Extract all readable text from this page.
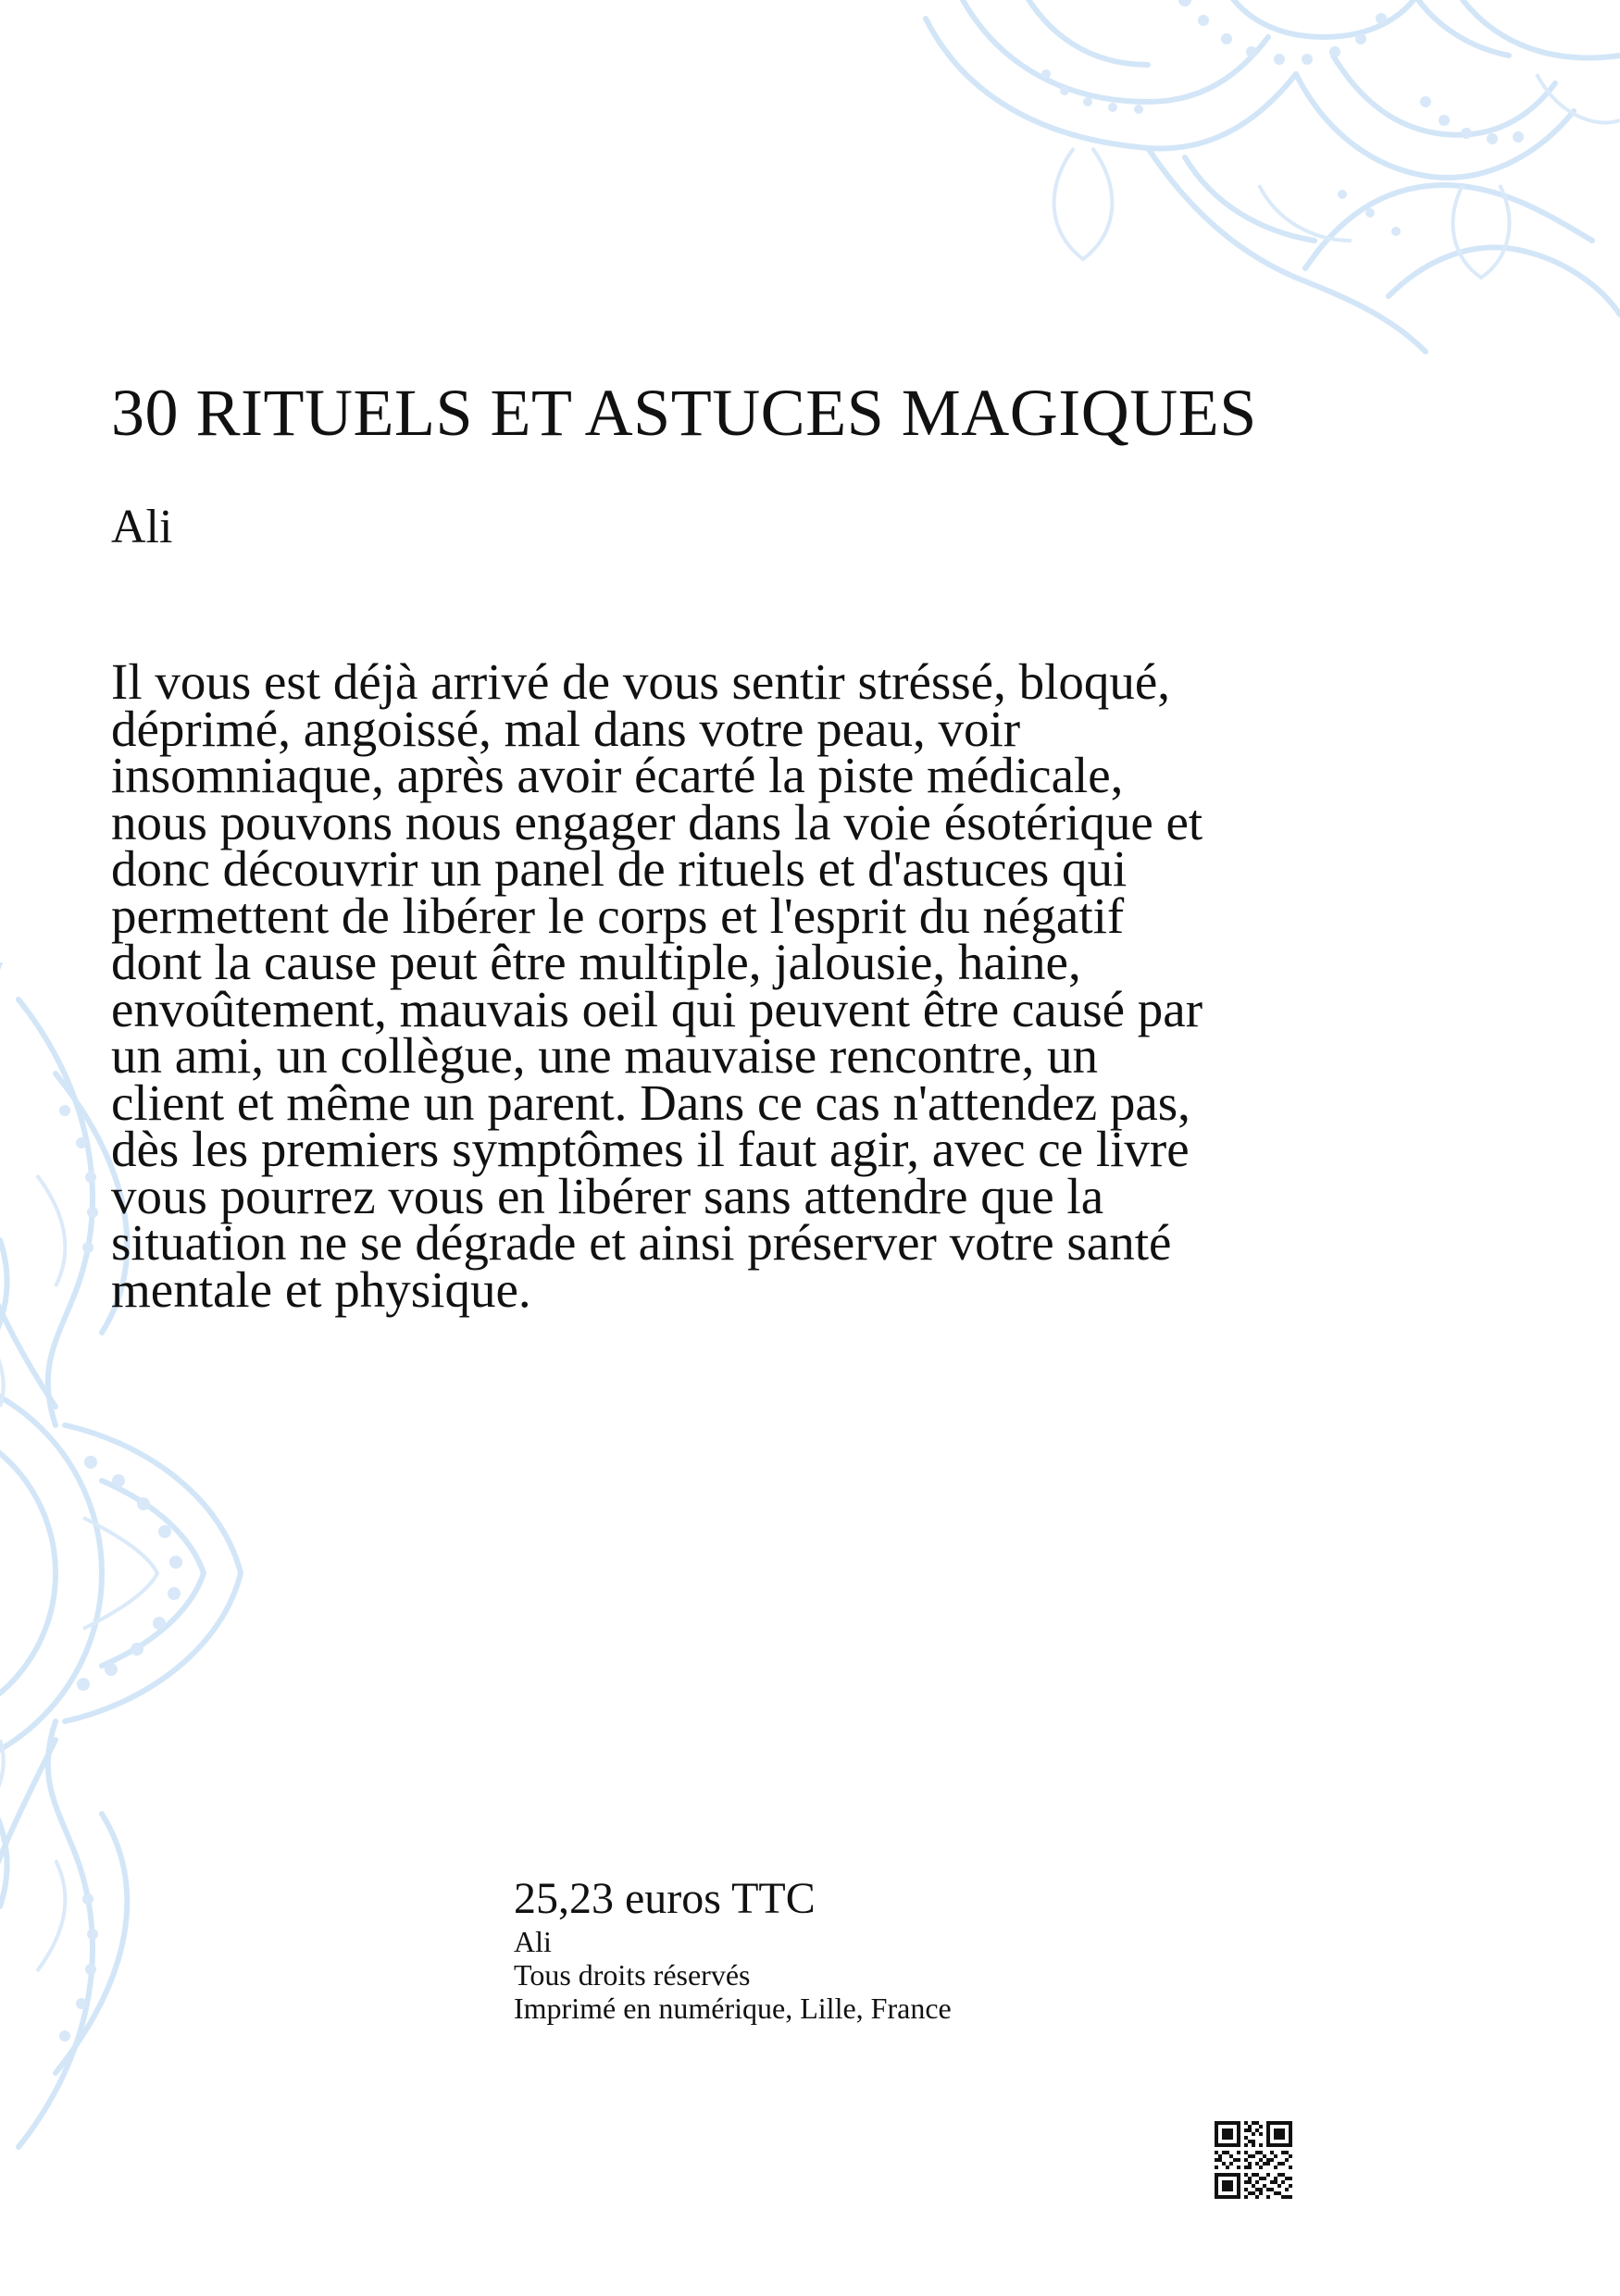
30 RITUELS ET ASTUCES MAGIQUES
Ali

Il vous est déjà arrivé de vous sentir stréssé, bloqué, déprimé, angoissé, mal dans votre peau, voir insomniaque, après avoir écarté la piste médicale, nous pouvons nous engager dans la voie ésotérique et donc découvrir un panel de rituels et d'astuces qui permettent de libérer le corps et l'esprit du négatif dont la cause peut être multiple, jalousie, haine, envoûtement, mauvais oeil qui peuvent être causé par un ami, un collègue, une mauvaise rencontre, un client et même un parent. Dans ce cas n'attendez pas, dès les premiers symptômes il faut agir, avec ce livre vous pourrez vous en libérer sans attendre que la situation ne se dégrade et ainsi préserver votre santé mentale et physique.

25,23 euros TTC
Ali
Tous droits réservés
Imprimé en numérique, Lille, France
